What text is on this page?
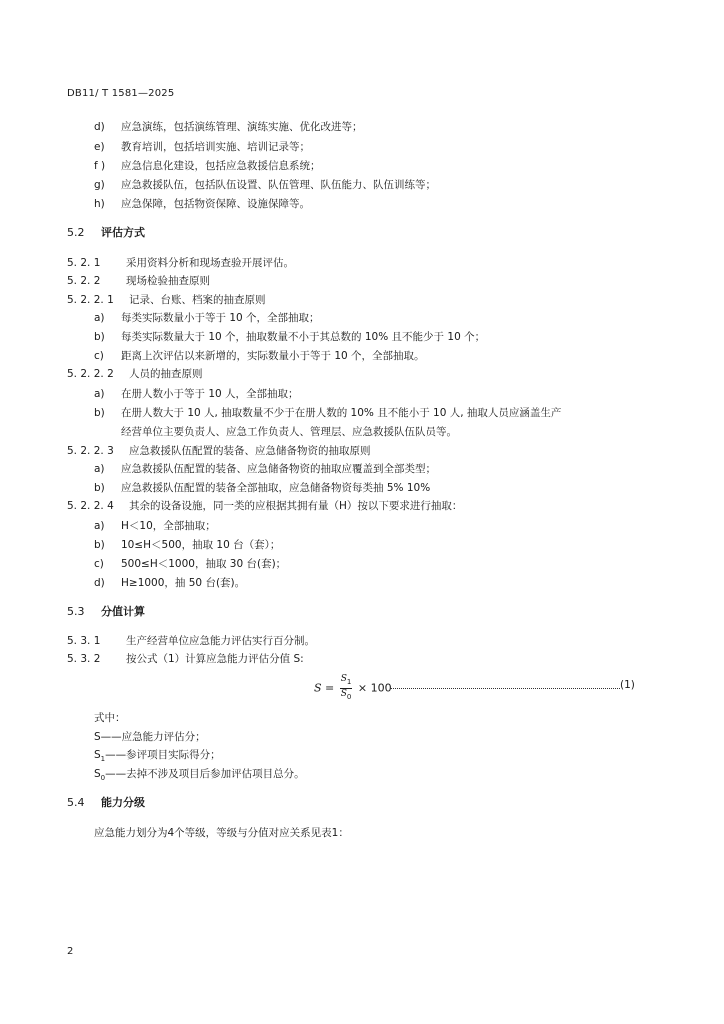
DB11/ T 1581—2025
d) 应急演练，包括演练管理、演练实施、优化改进等；
e) 教育培训，包括培训实施、培训记录等；
f ) 应急信息化建设，包括应急救援信息系统；
g) 应急救援队伍，包括队伍设置、队伍管理、队伍能力、队伍训练等；
h) 应急保障，包括物资保障、设施保障等。
5.2 评估方式
5. 2. 1 采用资料分析和现场查验开展评估。
5. 2. 2 现场检验抽查原则
5. 2. 2. 1 记录、台账、档案的抽查原则
a) 每类实际数量小于等于 10 个，全部抽取；
b) 每类实际数量大于 10 个，抽取数量不小于其总数的 10% 且不能少于 10 个；
c) 距离上次评估以来新增的，实际数量小于等于 10 个，全部抽取。
5. 2. 2. 2 人员的抽查原则
a) 在册人数小于等于 10 人，全部抽取；
b) 在册人数大于 10 人, 抽取数量不少于在册人数的 10% 且不能小于 10 人, 抽取人员应涵盖生产
经营单位主要负责人、应急工作负责人、管理层、应急救援队伍队员等。
5. 2. 2. 3 应急救援队伍配置的装备、应急储备物资的抽取原则
a) 应急救援队伍配置的装备、应急储备物资的抽取应覆盖到全部类型；
b) 应急救援队伍配置的装备全部抽取，应急储备物资每类抽 5% 10%
5. 2. 2. 4 其余的设备设施，同一类的应根据其拥有量（H）按以下要求进行抽取：
a) H＜10，全部抽取；
b) 10≤H＜500，抽取 10 台（套）；
c) 500≤H＜1000，抽取 30 台(套)；
d) H≥1000，抽 50 台(套)。
5.3 分值计算
5. 3. 1 生产经营单位应急能力评估实行百分制。
5. 3. 2 按公式（1）计算应急能力评估分值 S:
$S = \frac{S_1}{S_0} \times 100$	(1)
式中：
S——应急能力评估分；
$S_1——$参评项目实际得分；
$S_0——$去掉不涉及项目后参加评估项目总分。
5.4 能力分级
应急能力划分为4个等级，等级与分值对应关系见表1：
2
